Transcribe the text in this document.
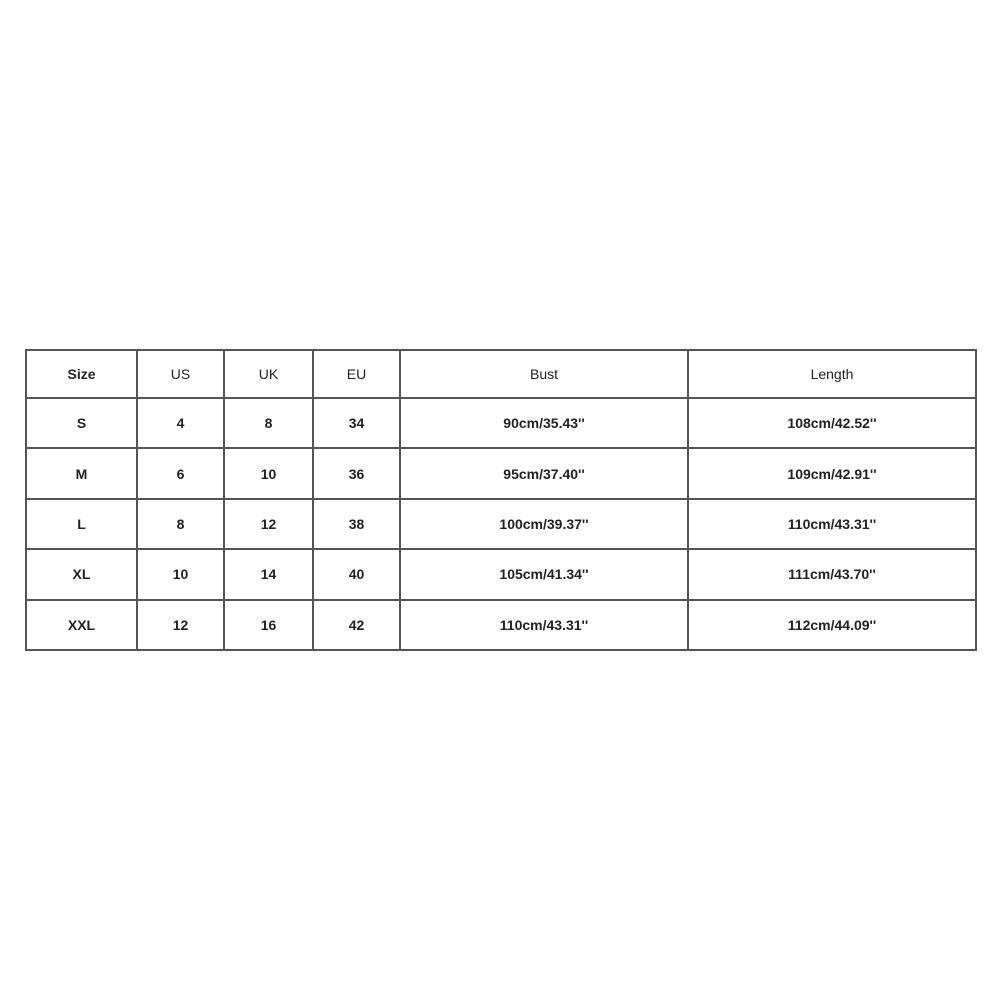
Size	US	UK	EU	Bust	Length
S	4	8	34	90cm/35.43''	108cm/42.52''
M	6	10	36	95cm/37.40''	109cm/42.91''
L	8	12	38	100cm/39.37''	110cm/43.31''
XL	10	14	40	105cm/41.34''	111cm/43.70''
XXL	12	16	42	110cm/43.31''	112cm/44.09''
